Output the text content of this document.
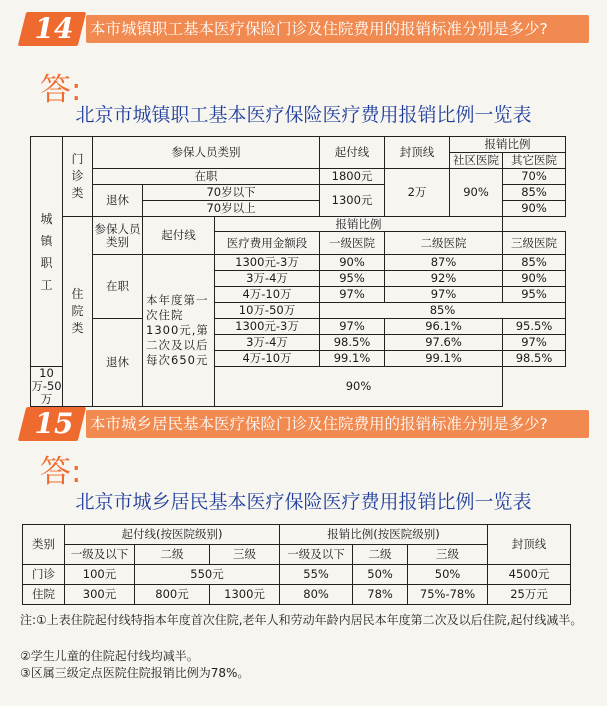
14 本市城镇职工基本医疗保险门诊及住院费用的报销标准分别是多少?
答:
北京市城镇职工基本医疗保险医疗费用报销比例一览表
城镇职工	门诊类	参保人员类别			起付线	封顶线	报销比例	
							社区医院	其它医院
		在职			1800元	2万	90%	70%
		退休	70岁以下		1300元			85%
			70岁以上					90%

	住院类	参保人员类别	起付线	报销比例				
				医疗费用金额段	一级医院	二级医院		三级医院
		在职	本年度第一次住院1300元,第二次及以后每次650元	1300元-3万	90%	87%		85%
				3万-4万	95%	92%		90%
				4万-10万	97%	97%		95%
				10万-50万	85%			
		退休		1300元-3万	97%	96.1%		95.5%
				3万-4万	98.5%	97.6%		97%
				4万-10万	99.1%	99.1%		98.5%
10万-50万				90%				
15 本市城乡居民基本医疗保险门诊及住院费用的报销标准分别是多少?
答:
北京市城乡居民基本医疗保险医疗费用报销比例一览表
类别	起付线(按医院级别)			报销比例(按医院级别)			封顶线
	一级及以下	二级	三级	一级及以下	二级	三级	
门诊	100元	550元		55%	50%	50%	4500元
住院	300元	800元	1300元	80%	78%	75%-78%	25万元
注:①上表住院起付线特指本年度首次住院,老年人和劳动年龄内居民本年度第二次及以后住院,起付线减半。
②学生儿童的住院起付线均减半。
③区属三级定点医院住院报销比例为78%。
